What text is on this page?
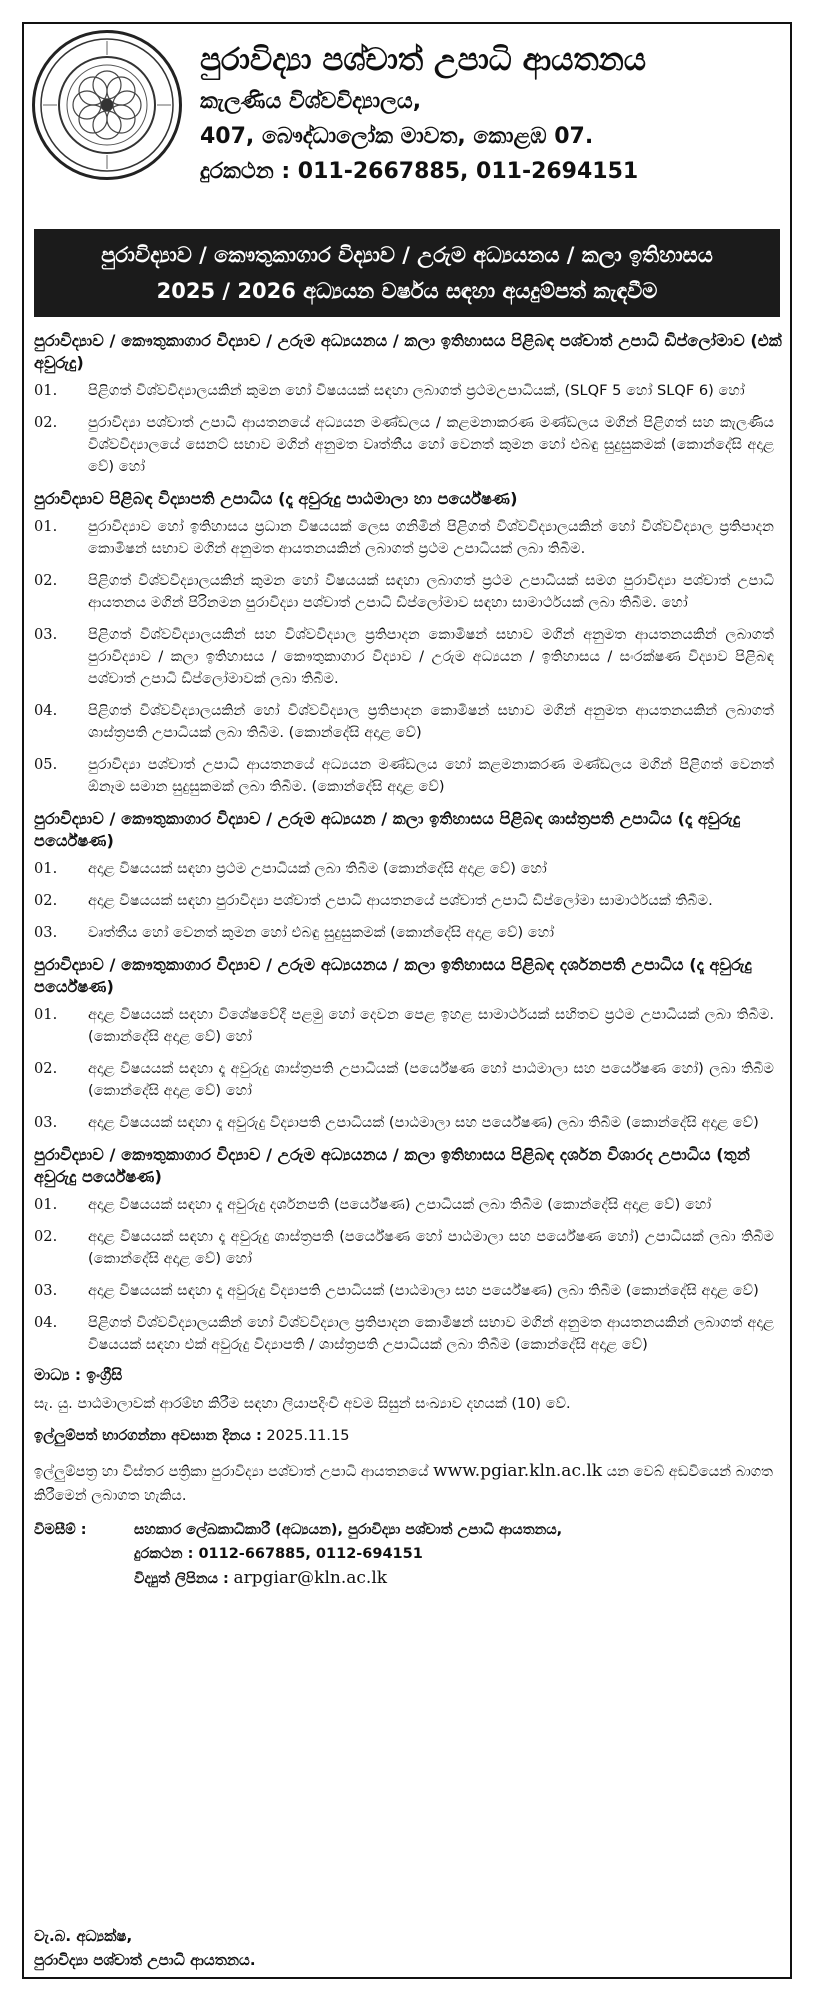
පුරාවිද්‍යා පශ්චාත් උපාධි ආයතනය
කැලණිය විශ්වවිද්‍යාලය,
407, බෞද්ධාලෝක මාවත, කොළඹ 07.
දුරකථන : 011-2667885, 011-2694151
පුරාවිද්‍යාව / කෞතුකාගාර විද්‍යාව / උරුම අධ්‍යයනය / කලා ඉතිහාසය
2025 / 2026 අධ්‍යයන වර්ෂය සඳහා අයදුම්පත් කැඳවීම
පුරාවිද්‍යාව / කෞතුකාගාර විද්‍යාව / උරුම අධ්‍යයනය / කලා ඉතිහාසය පිළිබඳ පශ්චාත් උපාධි ඩිප්ලෝමාව (එක් අවුරුදු)
01.	පිළිගත් විශ්වවිද්‍යාලයකින් කුමන හෝ විෂයයක් සඳහා ලබාගත් ප්‍රථමඋපාධියක්, (SLQF 5 හෝ SLQF 6) හෝ
02.	පුරාවිද්‍යා පශ්චාත් උපාධි ආයතනයේ අධ්‍යයන මණ්ඩලය / කළමනාකරණ මණ්ඩලය මගින් පිළිගත් සහ කැලණිය විශ්වවිද්‍යාලයේ සෙනට් සභාව මගින් අනුමත වෘත්තීය හෝ වෙනත් කුමන හෝ එබඳු සුදුසුකමක් (කොන්දේසි අදාළ වේ) හෝ
පුරාවිද්‍යාව පිළිබඳ විද්‍යාපති උපාධිය (දෑ අවුරුදු පාඨමාලා හා පර්යේෂණ)
01.	පුරාවිද්‍යාව හෝ ඉතිහාසය ප්‍රධාන විෂයයක් ලෙස ගනිමින් පිළිගත් විශ්වවිද්‍යාලයකින් හෝ විශ්වවිද්‍යාල ප්‍රතිපාදන කොමිෂන් සභාව මගින් අනුමත ආයතනයකින් ලබාගත් ප්‍රථම උපාධියක් ලබා තිබීම.
02.	පිළිගත් විශ්වවිද්‍යාලයකින් කුමන හෝ විෂයයක් සඳහා ලබාගත් ප්‍රථම උපාධියක් සමග පුරාවිද්‍යා පශ්චාත් උපාධි ආයතනය මගින් පිරිනමන පුරාවිද්‍යා පශ්චාත් උපාධි ඩිප්ලෝමාව සඳහා සාමාර්ථයක් ලබා තිබීම. හෝ
03.	පිළිගත් විශ්වවිද්‍යාලයකින් සහ විශ්වවිද්‍යාල ප්‍රතිපාදන කොමිෂන් සභාව මගින් අනුමත ආයතනයකින් ලබාගත් පුරාවිද්‍යාව / කලා ඉතිහාසය / කෞතුකාගාර විද්‍යාව / උරුම අධ්‍යයන / ඉතිහාසය / සංරක්ෂණ විද්‍යාව පිළිබඳ පශ්චාත් උපාධි ඩිප්ලෝමාවක් ලබා තිබීම.
04.	පිළිගත් විශ්වවිද්‍යාලයකින් හෝ විශ්වවිද්‍යාල ප්‍රතිපාදන කොමිෂන් සභාව මගින් අනුමත ආයතනයකින් ලබාගත් ශාස්ත්‍රපති උපාධියක් ලබා තිබීම. (කොන්දේසි අදාළ වේ)
05.	පුරාවිද්‍යා පශ්චාත් උපාධි ආයතනයේ අධ්‍යයන මණ්ඩලය හෝ කළමනාකරණ මණ්ඩලය මගින් පිළිගත් වෙනත් ඕනෑම සමාන සුදුසුකමක් ලබා තිබීම. (කොන්දේසි අදාළ වේ)
පුරාවිද්‍යාව / කෞතුකාගාර විද්‍යාව / උරුම අධ්‍යයන / කලා ඉතිහාසය පිළිබඳ ශාස්ත්‍රපති උපාධිය (දෑ අවුරුදු පර්යේෂණ)
01.	අදාළ විෂයයක් සඳහා ප්‍රථම උපාධියක් ලබා තිබීම (කොන්දේසි අදාළ වේ) හෝ
02.	අදාළ විෂයයක් සඳහා පුරාවිද්‍යා පශ්චාත් උපාධි ආයතනයේ පශ්චාත් උපාධි ඩිප්ලෝමා සාමාර්ථයක් තිබීම.
03.	වෘත්තීය හෝ වෙනත් කුමන හෝ එබඳු සුදුසුකමක් (කොන්දේසි අදාළ වේ) හෝ
පුරාවිද්‍යාව / කෞතුකාගාර විද්‍යාව / උරුම අධ්‍යයනය / කලා ඉතිහාසය පිළිබඳ දර්ශනපති උපාධිය (දෑ අවුරුදු පර්යේෂණ)
01.	අදාළ විෂයයක් සඳහා විශේෂවේදී පළමු හෝ දෙවන පෙළ ඉහළ සාමාර්ථයක් සහිතව ප්‍රථම උපාධියක් ලබා තිබීම. (කොන්දේසි අදාළ වේ) හෝ
02.	අදාළ විෂයයක් සඳහා දෑ අවුරුදු ශාස්ත්‍රපති උපාධියක් (පර්යේෂණ හෝ පාඨමාලා සහ පර්යේෂණ හෝ) ලබා තිබීම (කොන්දේසි අදාළ වේ) හෝ
03.	අදාළ විෂයයක් සඳහා දෑ අවුරුදු විද්‍යාපති උපාධියක් (පාඨමාලා සහ පර්යේෂණ) ලබා තිබීම (කොන්දේසි අදාළ වේ)
පුරාවිද්‍යාව / කෞතුකාගාර විද්‍යාව / උරුම අධ්‍යයනය / කලා ඉතිහාසය පිළිබඳ දර්ශන විශාරද උපාධිය (තුන් අවුරුදු පර්යේෂණ)
01.	අදාළ විෂයයක් සඳහා දෑ අවුරුදු දර්ශනපති (පර්යේෂණ) උපාධියක් ලබා තිබීම (කොන්දේසි අදාළ වේ) හෝ
02.	අදාළ විෂයයක් සඳහා දෑ අවුරුදු ශාස්ත්‍රපති (පර්යේෂණ හෝ පාඨමාලා සහ පර්යේෂණ හෝ) උපාධියක් ලබා තිබීම (කොන්දේසි අදාළ වේ) හෝ
03.	අදාළ විෂයයක් සඳහා දෑ අවුරුදු විද්‍යාපති උපාධියක් (පාඨමාලා සහ පර්යේෂණ) ලබා තිබීම (කොන්දේසි අදාළ වේ)
04.	පිළිගත් විශ්වවිද්‍යාලයකින් හෝ විශ්වවිද්‍යාල ප්‍රතිපාදන කොමිෂන් සභාව මගින් අනුමත ආයතනයකින් ලබාගත් අදාළ විෂයයක් සඳහා එක් අවුරුදු විද්‍යාපති / ශාස්ත්‍රපති උපාධියක් ලබා තිබීම (කොන්දේසි අදාළ වේ)
මාධ්‍ය : ඉංග්‍රීසි
සැ. යු. පාඨමාලාවක් ආරම්භ කිරීම සඳහා ලියාපදිංචි අවම සිසුන් සංඛ්‍යාව දහයක් (10) වේ.
ඉල්ලුම්පත් භාරගන්නා අවසාන දිනය : 2025.11.15
ඉල්ලුම්පත්‍ර හා විස්තර පත්‍රිකා පුරාවිද්‍යා පශ්චාත් උපාධි ආයතනයේ www.pgiar.kln.ac.lk යන වෙබ් අඩවියෙන් බාගත කිරීමෙන් ලබාගත හැකිය.
විමසීම් :	සහකාර ලේඛකාධිකාරී (අධ්‍යයන), පුරාවිද්‍යා පශ්චාත් උපාධි ආයතනය,
දුරකථන : 0112-667885, 0112-694151
විද්‍යුත් ලිපිනය : arpgiar@kln.ac.lk
වැ.බ. අධ්‍යක්ෂ,
පුරාවිද්‍යා පශ්චාත් උපාධි ආයතනය.
